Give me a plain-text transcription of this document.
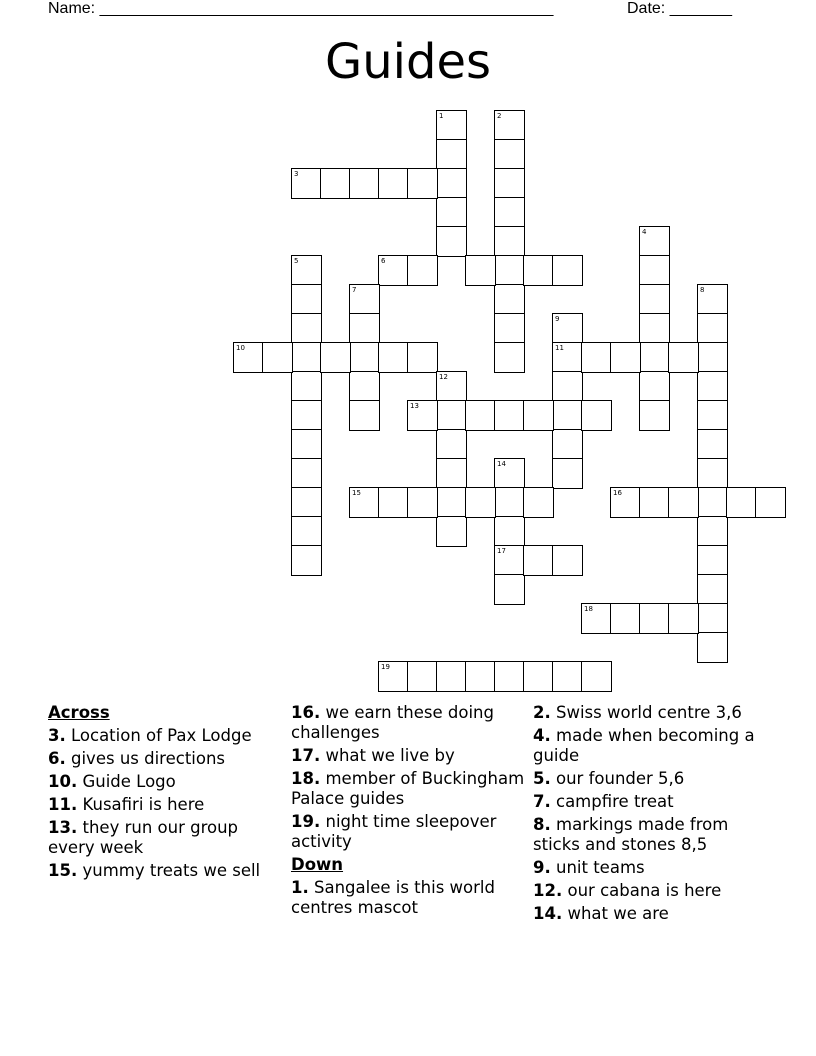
Name: ___________________________________________________	Date: _______
Guides
1	2
3
4
5	6
7	8
9
11
10
12
13
14
17
15	16
18
19
Across
3. Location of Pax Lodge
6. gives us directions
10. Guide Logo
11. Kusafiri is here
13. they run our group every week
15. yummy treats we sell
16. we earn these doing challenges
17. what we live by
18. member of Buckingham Palace guides
19. night time sleepover activity
Down
1. Sangalee is this world centres mascot
2. Swiss world centre 3,6
4. made when becoming a guide
5. our founder 5,6
7. campfire treat
8. markings made from sticks and stones 8,5
9. unit teams
12. our cabana is here
14. what we are
